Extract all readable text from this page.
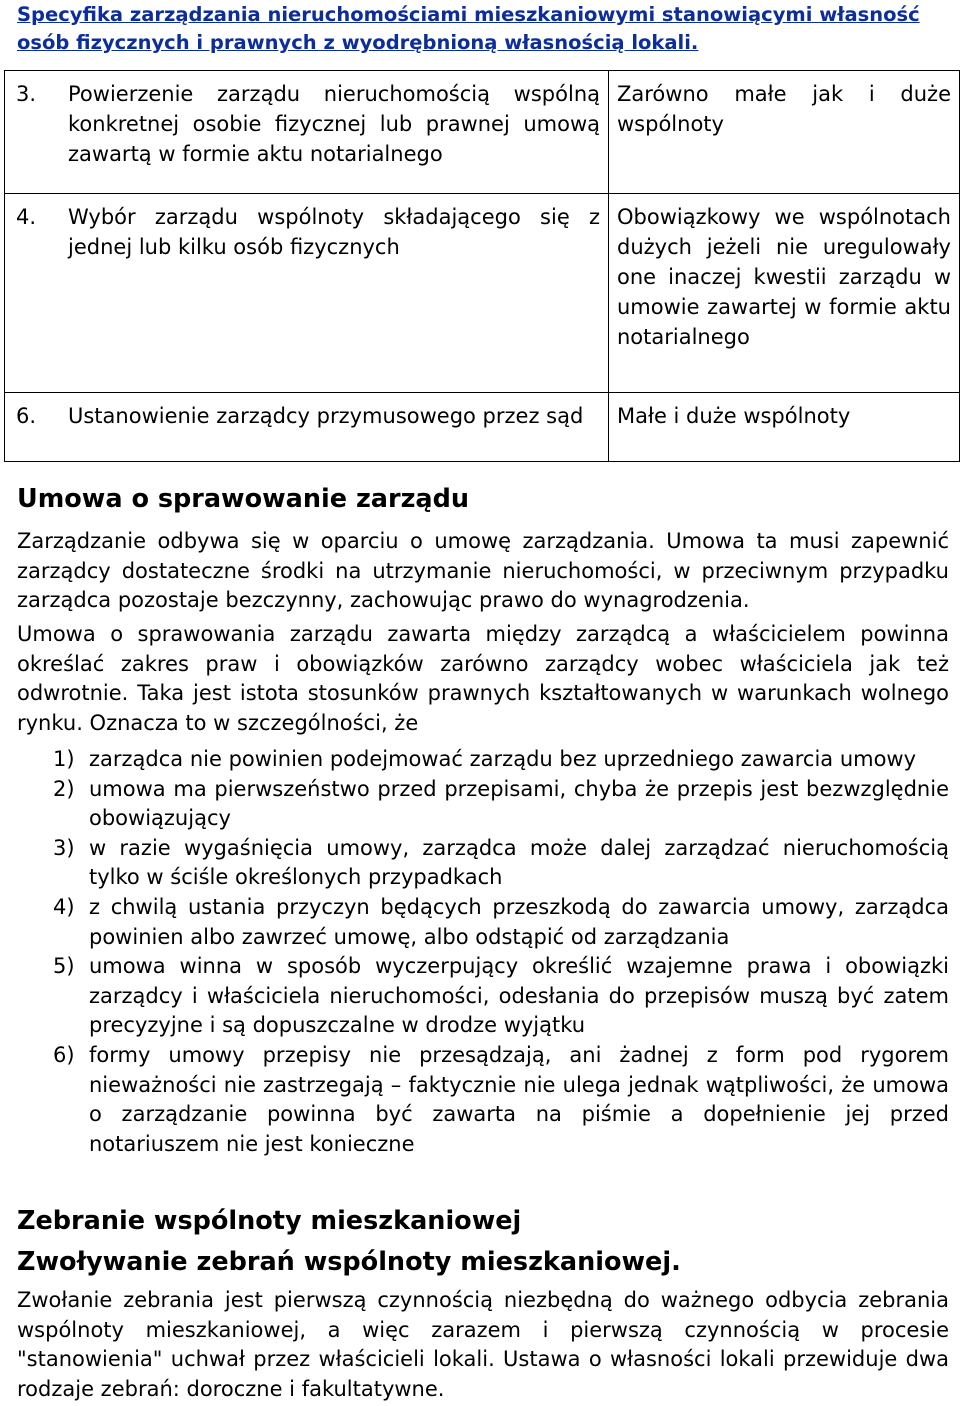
Specyfika zarządzania nieruchomościami mieszkaniowymi stanowiącymi własność osób fizycznych i prawnych z wyodrębnioną własnością lokali.
3. Powierzenie zarządu nieruchomością wspólną konkretnej osobie fizycznej lub prawnej umową zawartą w formie aktu notarialnego	Zarówno małe jak i duże wspólnoty

4. Wybór zarządu wspólnoty składającego się z jednej lub kilku osób fizycznych	Obowiązkowy we wspólnotach dużych jeżeli nie uregulowały one inaczej kwestii zarządu w umowie zawartej w formie aktu notarialnego

6. Ustanowienie zarządcy przymusowego przez sąd	Małe i duże wspólnoty
Umowa o sprawowanie zarządu

Zarządzanie odbywa się w oparciu o umowę zarządzania. Umowa ta musi zapewnić zarządcy dostateczne środki na utrzymanie nieruchomości, w przeciwnym przypadku zarządca pozostaje bezczynny, zachowując prawo do wynagrodzenia.

Umowa o sprawowania zarządu zawarta między zarządcą a właścicielem powinna określać zakres praw i obowiązków zarówno zarządcy wobec właściciela jak też odwrotnie. Taka jest istota stosunków prawnych kształtowanych w warunkach wolnego rynku. Oznacza to w szczególności, że

1) zarządca nie powinien podejmować zarządu bez uprzedniego zawarcia umowy
2) umowa ma pierwszeństwo przed przepisami, chyba że przepis jest bezwzględnie obowiązujący
3) w razie wygaśnięcia umowy, zarządca może dalej zarządzać nieruchomością tylko w ściśle określonych przypadkach
4) z chwilą ustania przyczyn będących przeszkodą do zawarcia umowy, zarządca powinien albo zawrzeć umowę, albo odstąpić od zarządzania
5) umowa winna w sposób wyczerpujący określić wzajemne prawa i obowiązki zarządcy i właściciela nieruchomości, odesłania do przepisów muszą być zatem precyzyjne i są dopuszczalne w drodze wyjątku
6) formy umowy przepisy nie przesądzają, ani żadnej z form pod rygorem nieważności nie zastrzegają – faktycznie nie ulega jednak wątpliwości, że umowa o zarządzanie powinna być zawarta na piśmie a dopełnienie jej przed notariuszem nie jest konieczne
Zebranie wspólnoty mieszkaniowej
Zwoływanie zebrań wspólnoty mieszkaniowej.

Zwołanie zebrania jest pierwszą czynnością niezbędną do ważnego odbycia zebrania wspólnoty mieszkaniowej, a więc zarazem i pierwszą czynnością w procesie "stanowienia" uchwał przez właścicieli lokali. Ustawa o własności lokali przewiduje dwa rodzaje zebrań: doroczne i fakultatywne.
